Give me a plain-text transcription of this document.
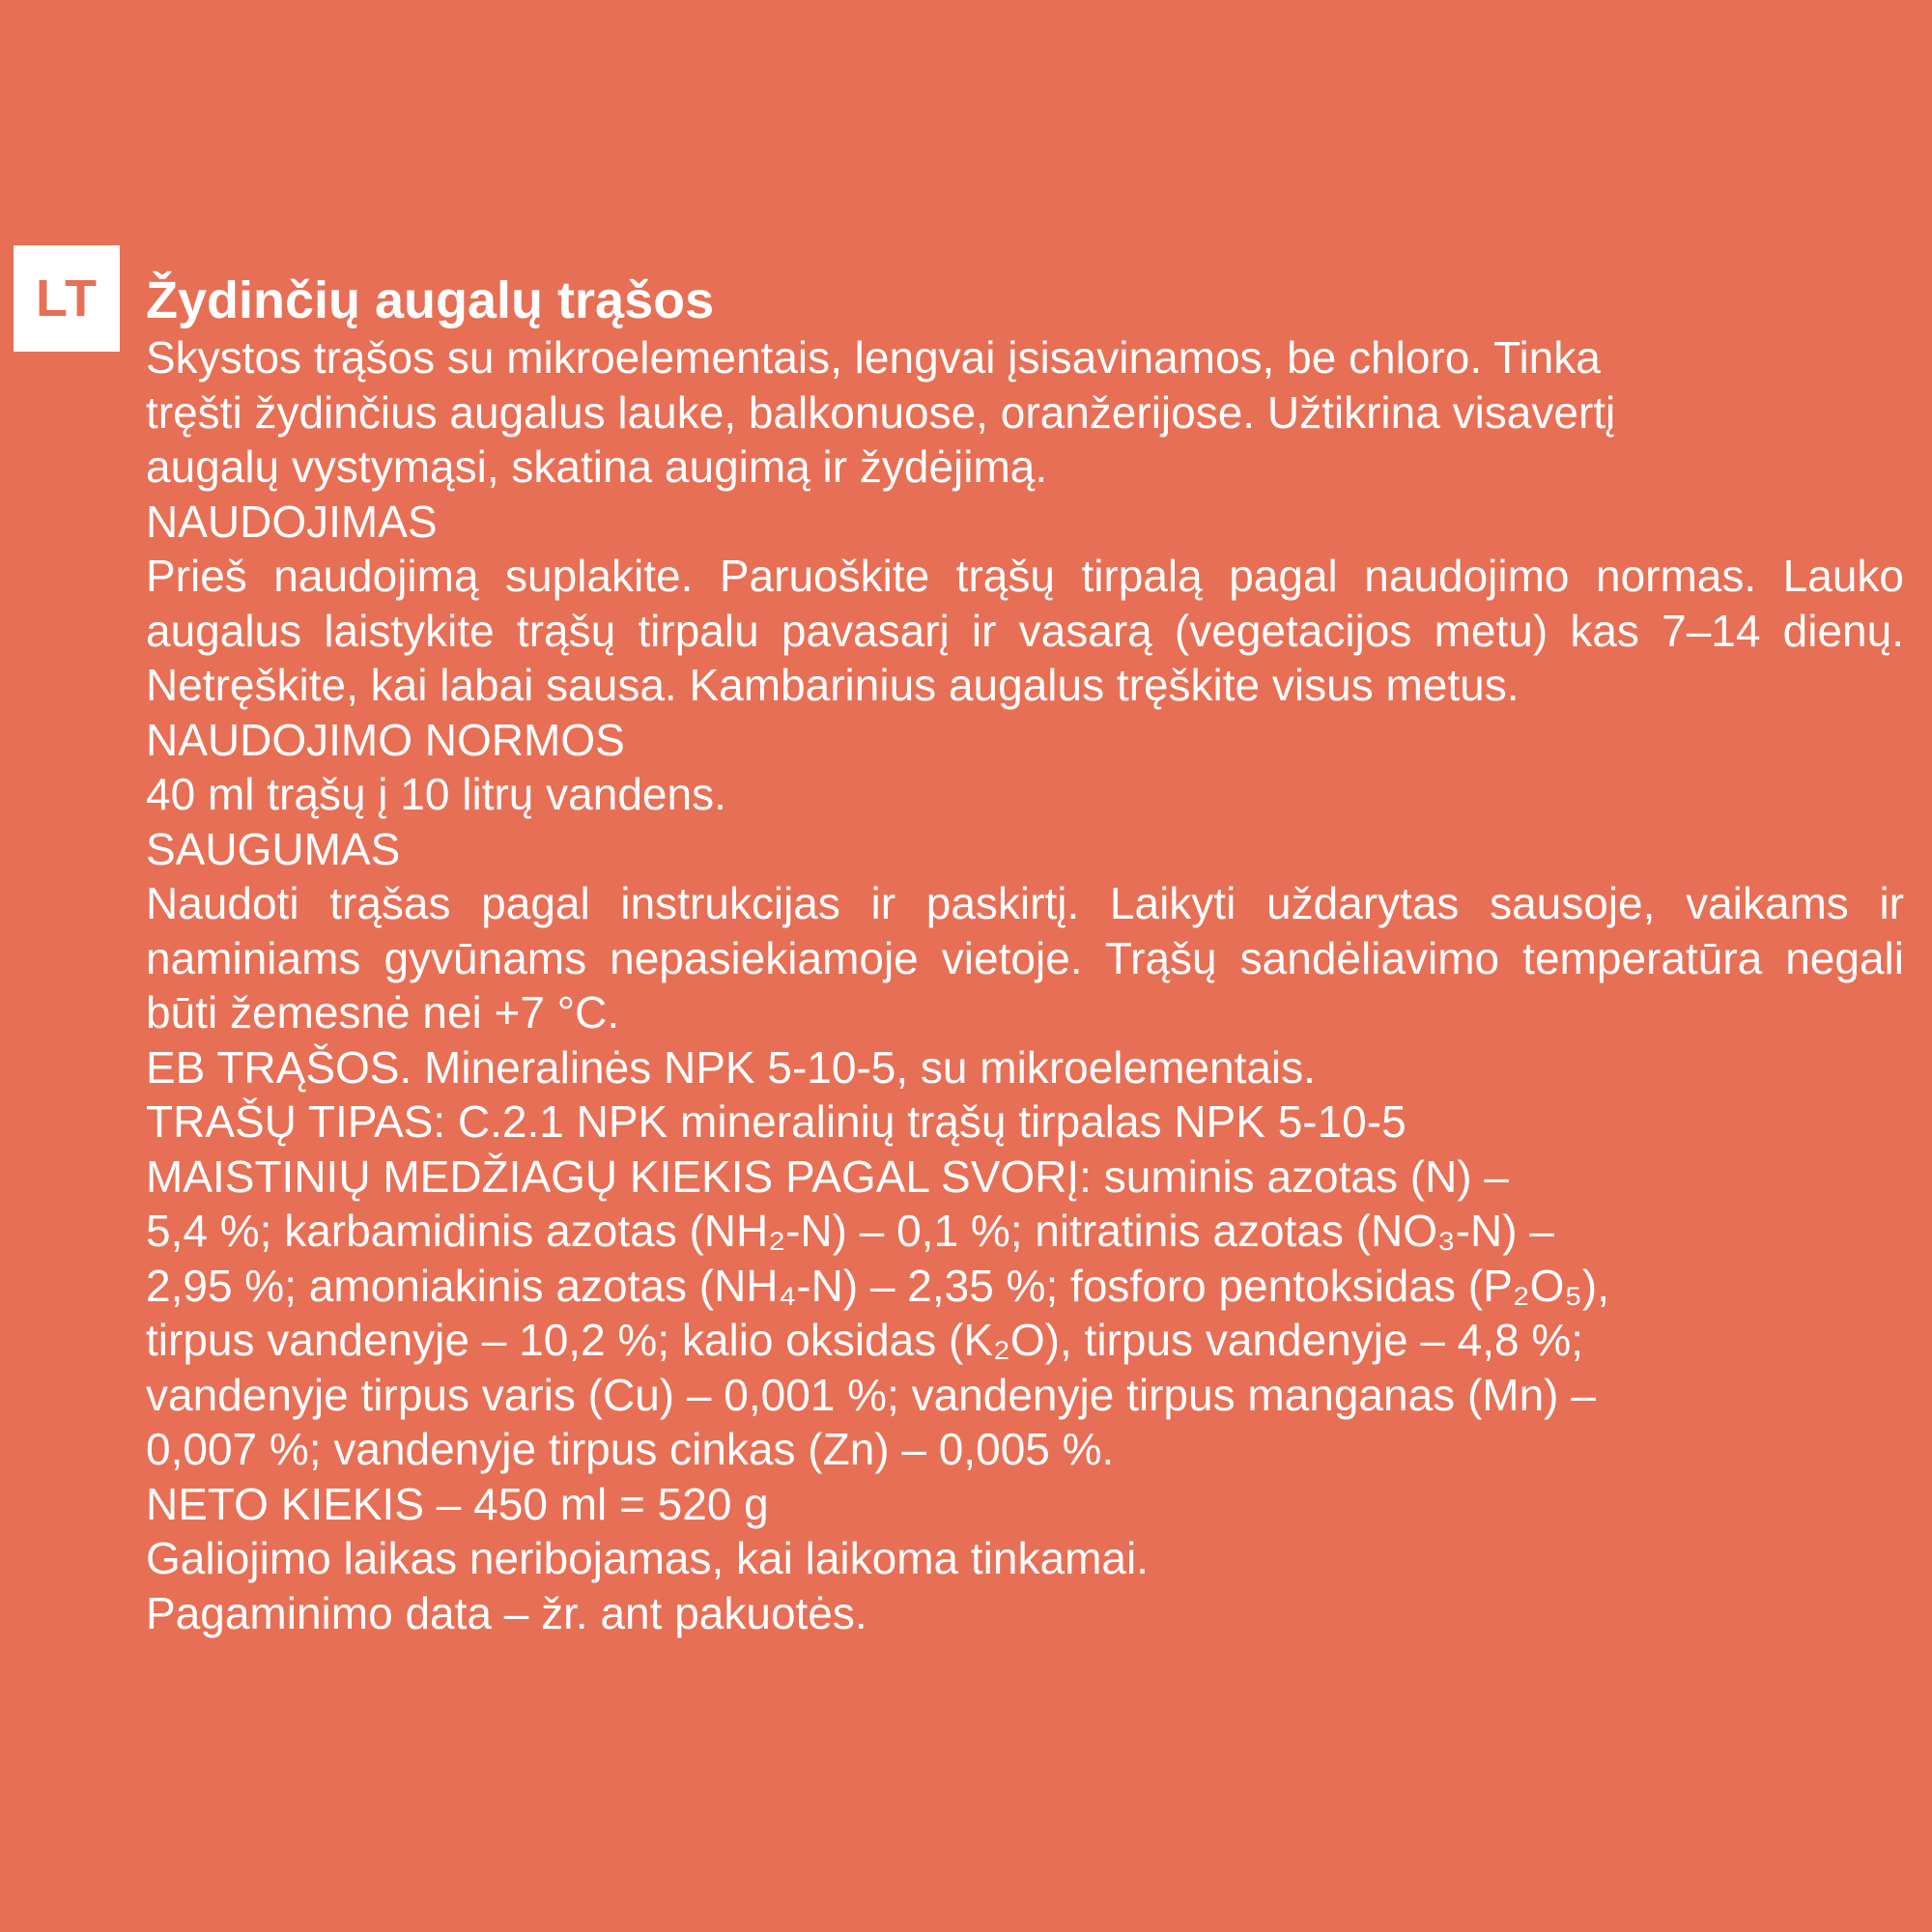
LT Žydinčių augalų trąšos
Skystos trąšos su mikroelementais, lengvai įsisavinamos, be chloro. Tinka
tręšti žydinčius augalus lauke, balkonuose, oranžerijose. Užtikrina visavertį
augalų vystymąsi, skatina augimą ir žydėjimą.
NAUDOJIMAS
Prieš naudojimą suplakite. Paruoškite trąšų tirpalą pagal naudojimo normas. Lauko augalus laistykite trąšų tirpalu pavasarį ir vasarą (vegetacijos metu) kas 7–14 dienų. Netręškite, kai labai sausa. Kambarinius augalus tręškite visus metus.
NAUDOJIMO NORMOS
40 ml trąšų į 10 litrų vandens.
SAUGUMAS
Naudoti trąšas pagal instrukcijas ir paskirtį. Laikyti uždarytas sausoje, vaikams ir naminiams gyvūnams nepasiekiamoje vietoje. Trąšų sandėliavimo temperatūra negali būti žemesnė nei +7 °C.
EB TRĄŠOS. Mineralinės NPK 5-10-5, su mikroelementais.
TRAŠŲ TIPAS: C.2.1 NPK mineralinių trąšų tirpalas NPK 5-10-5
MAISTINIŲ MEDŽIAGŲ KIEKIS PAGAL SVORĮ: suminis azotas (N) –
5,4 %; karbamidinis azotas (NH₂-N) – 0,1 %; nitratinis azotas (NO₃-N) –
2,95 %; amoniakinis azotas (NH₄-N) – 2,35 %; fosforo pentoksidas (P₂O₅),
tirpus vandenyje – 10,2 %; kalio oksidas (K₂O), tirpus vandenyje – 4,8 %;
vandenyje tirpus varis (Cu) – 0,001 %; vandenyje tirpus manganas (Mn) –
0,007 %; vandenyje tirpus cinkas (Zn) – 0,005 %.
NETO KIEKIS – 450 ml = 520 g
Galiojimo laikas neribojamas, kai laikoma tinkamai.
Pagaminimo data – žr. ant pakuotės.
